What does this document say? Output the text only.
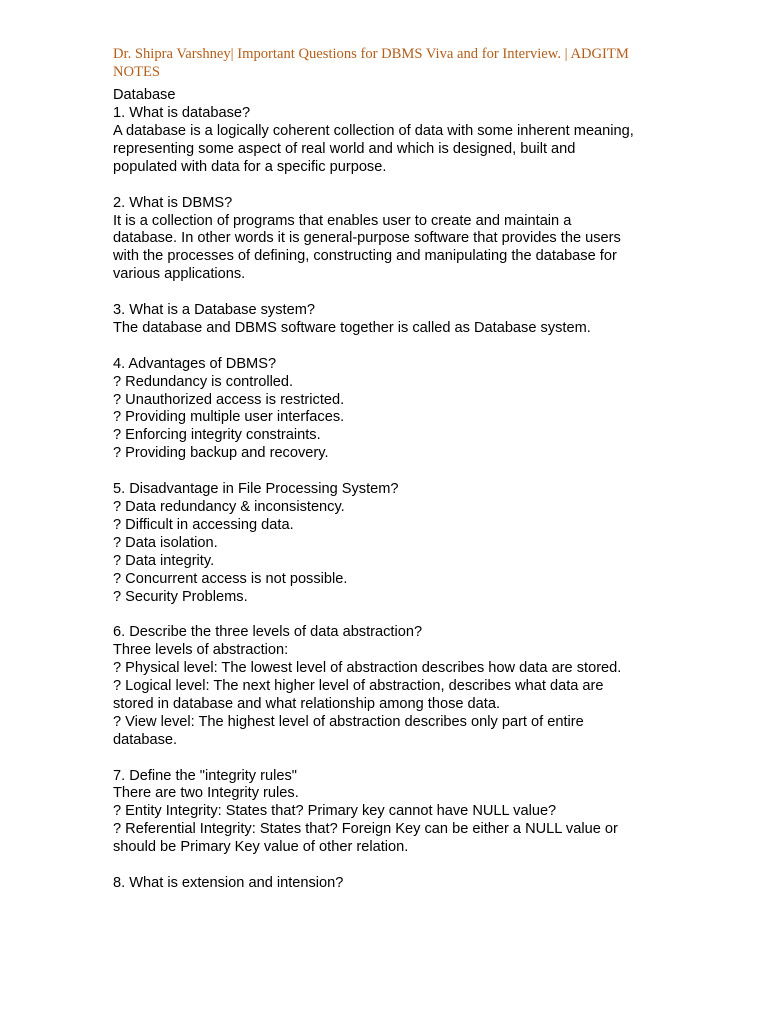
Dr. Shipra Varshney| Important Questions for DBMS Viva and for Interview. | ADGITM
NOTES
Database
1. What is database?
A database is a logically coherent collection of data with some inherent meaning,
representing some aspect of real world and which is designed, built and
populated with data for a specific purpose.
2. What is DBMS?
It is a collection of programs that enables user to create and maintain a
database. In other words it is general-purpose software that provides the users
with the processes of defining, constructing and manipulating the database for
various applications.
3. What is a Database system?
The database and DBMS software together is called as Database system.
4. Advantages of DBMS?
? Redundancy is controlled.
? Unauthorized access is restricted.
? Providing multiple user interfaces.
? Enforcing integrity constraints.
? Providing backup and recovery.
5. Disadvantage in File Processing System?
? Data redundancy & inconsistency.
? Difficult in accessing data.
? Data isolation.
? Data integrity.
? Concurrent access is not possible.
? Security Problems.
6. Describe the three levels of data abstraction?
Three levels of abstraction:
? Physical level: The lowest level of abstraction describes how data are stored.
? Logical level: The next higher level of abstraction, describes what data are
stored in database and what relationship among those data.
? View level: The highest level of abstraction describes only part of entire
database.
7. Define the "integrity rules"
There are two Integrity rules.
? Entity Integrity: States that? Primary key cannot have NULL value?
? Referential Integrity: States that? Foreign Key can be either a NULL value or
should be Primary Key value of other relation.
8. What is extension and intension?
